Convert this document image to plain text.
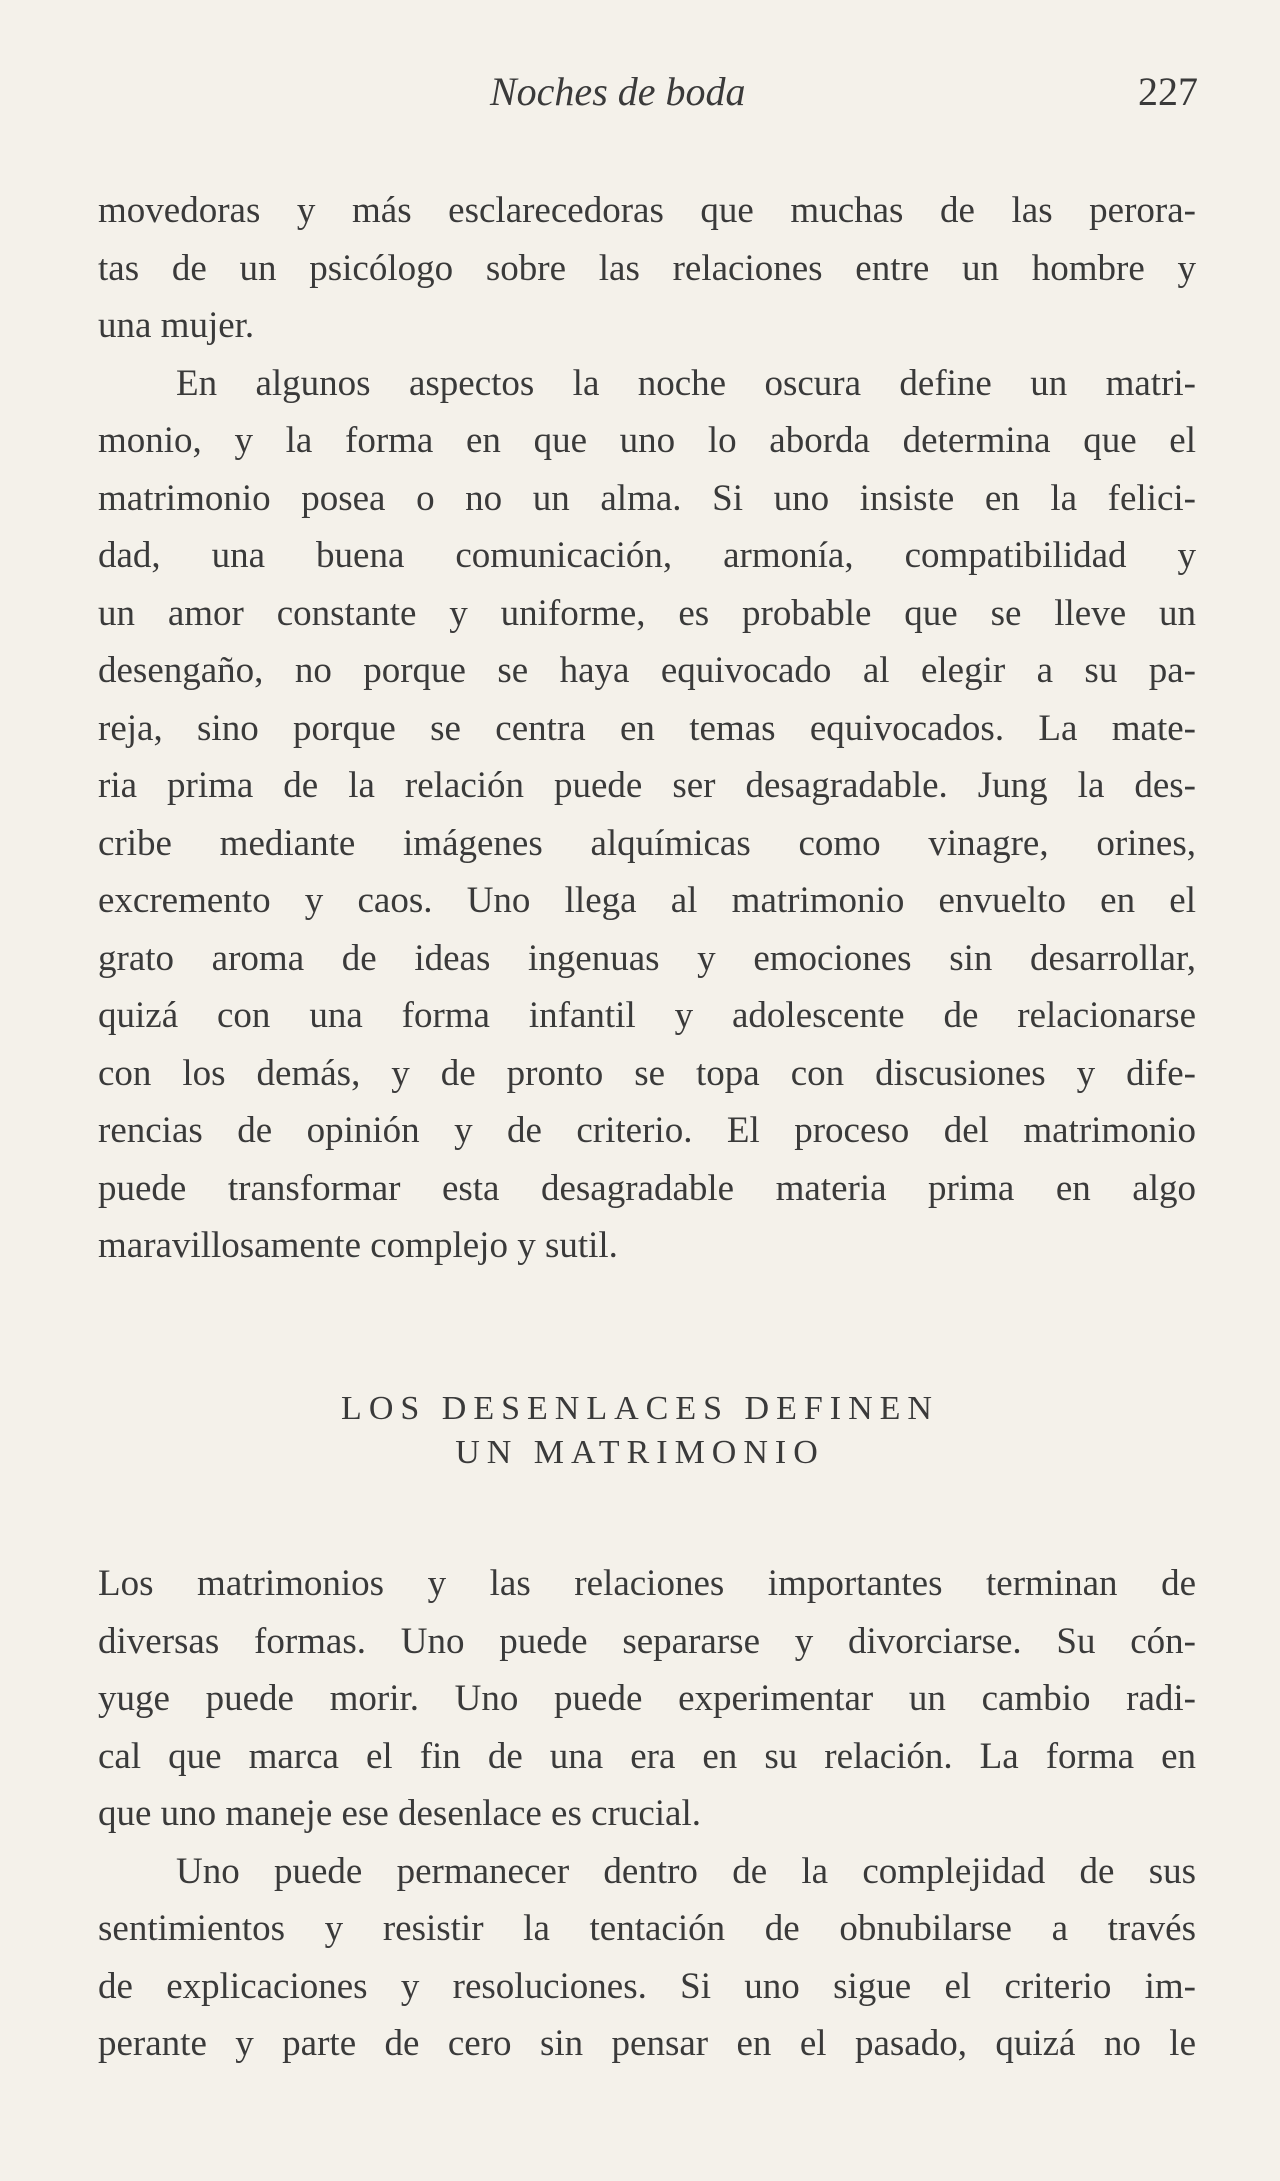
Noches de boda	227
movedoras y más esclarecedoras que muchas de las perora-
tas de un psicólogo sobre las relaciones entre un hombre y
una mujer.
En algunos aspectos la noche oscura define un matri-
monio, y la forma en que uno lo aborda determina que el
matrimonio posea o no un alma. Si uno insiste en la felici-
dad, una buena comunicación, armonía, compatibilidad y
un amor constante y uniforme, es probable que se lleve un
desengaño, no porque se haya equivocado al elegir a su pa-
reja, sino porque se centra en temas equivocados. La mate-
ria prima de la relación puede ser desagradable. Jung la des-
cribe mediante imágenes alquímicas como vinagre, orines,
excremento y caos. Uno llega al matrimonio envuelto en el
grato aroma de ideas ingenuas y emociones sin desarrollar,
quizá con una forma infantil y adolescente de relacionarse
con los demás, y de pronto se topa con discusiones y dife-
rencias de opinión y de criterio. El proceso del matrimonio
puede transformar esta desagradable materia prima en algo
maravillosamente complejo y sutil.
LOS DESENLACES DEFINEN
UN MATRIMONIO
Los matrimonios y las relaciones importantes terminan de
diversas formas. Uno puede separarse y divorciarse. Su cón-
yuge puede morir. Uno puede experimentar un cambio radi-
cal que marca el fin de una era en su relación. La forma en
que uno maneje ese desenlace es crucial.
Uno puede permanecer dentro de la complejidad de sus
sentimientos y resistir la tentación de obnubilarse a través
de explicaciones y resoluciones. Si uno sigue el criterio im-
perante y parte de cero sin pensar en el pasado, quizá no le
